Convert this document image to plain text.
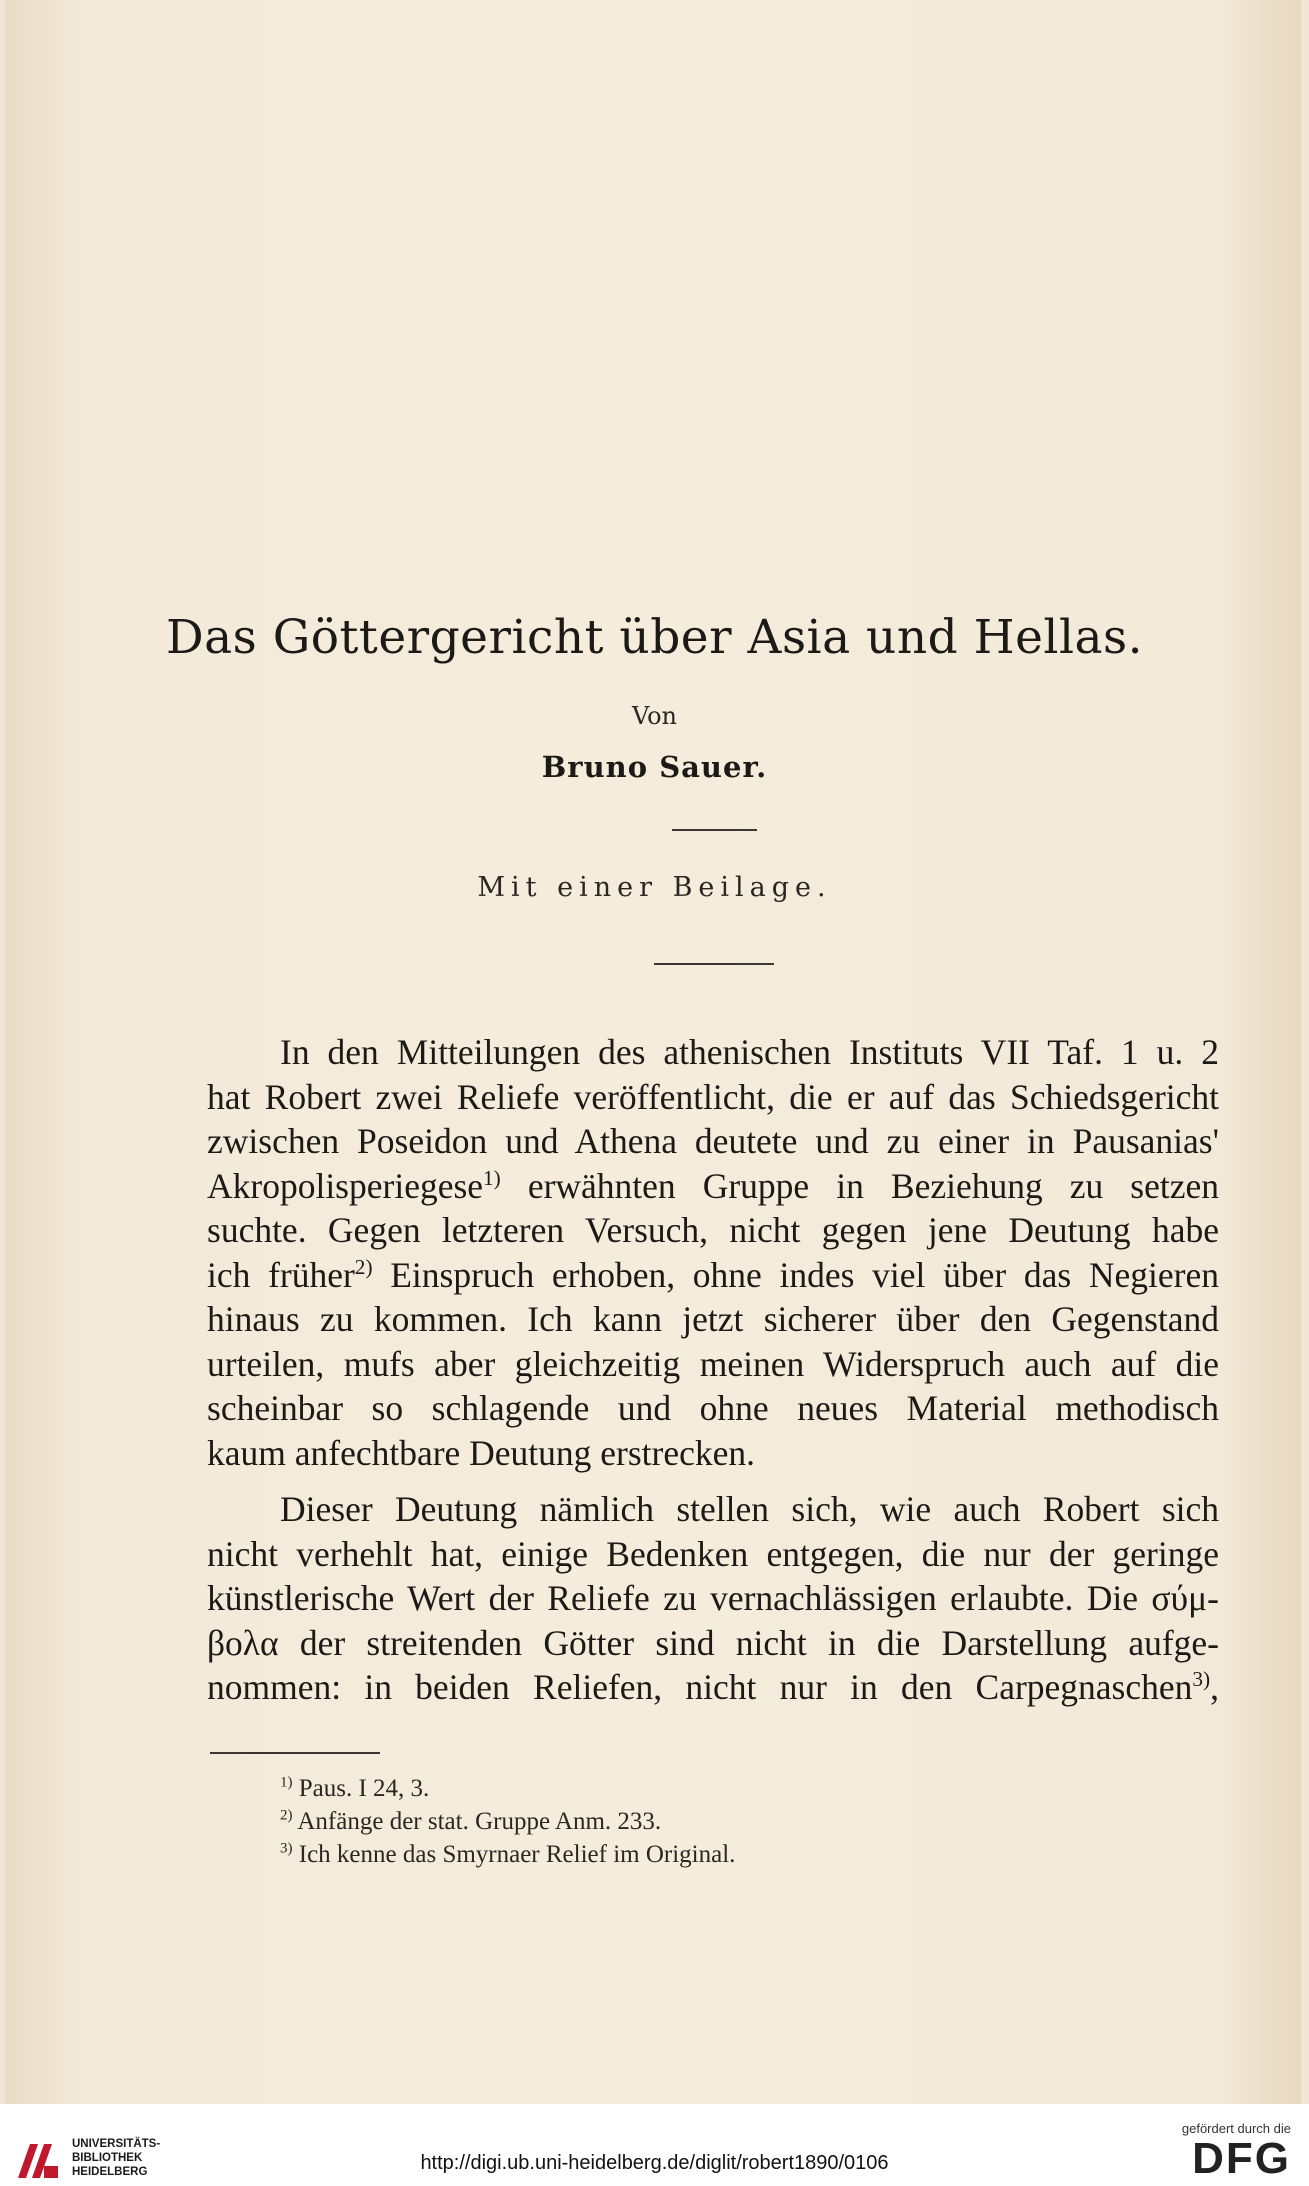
Das Göttergericht über Asia und Hellas.
Von
Bruno Sauer.
Mit einer Beilage.
In den Mitteilungen des athenischen Instituts VII Taf. 1 u. 2
hat Robert zwei Reliefe veröffentlicht, die er auf das Schiedsgericht
zwischen Poseidon und Athena deutete und zu einer in Pausanias'
Akropolisperiegese$^{1)}$ erwähnten Gruppe in Beziehung zu setzen
suchte. Gegen letzteren Versuch, nicht gegen jene Deutung habe
ich früher$^{2)}$ Einspruch erhoben, ohne indes viel über das Negieren
hinaus zu kommen. Ich kann jetzt sicherer über den Gegenstand
urteilen, mufs aber gleichzeitig meinen Widerspruch auch auf die
scheinbar so schlagende und ohne neues Material methodisch
kaum anfechtbare Deutung erstrecken.
Dieser Deutung nämlich stellen sich, wie auch Robert sich
nicht verhehlt hat, einige Bedenken entgegen, die nur der geringe
künstlerische Wert der Reliefe zu vernachlässigen erlaubte. Die σύμ-
βολα der streitenden Götter sind nicht in die Darstellung aufge-
nommen: in beiden Reliefen, nicht nur in den Carpegnaschen$^{3)}$,
$^{1)}$ Paus. I 24, 3.
$^{2)}$ Anfänge der stat. Gruppe Anm. 233.
$^{3)}$ Ich kenne das Smyrnaer Relief im Original.
UNIVERSITÄTS-
BIBLIOTHEK
HEIDELBERG	http://digi.ub.uni-heidelberg.de/diglit/robert1890/0106
gefördert durch die
DFG
